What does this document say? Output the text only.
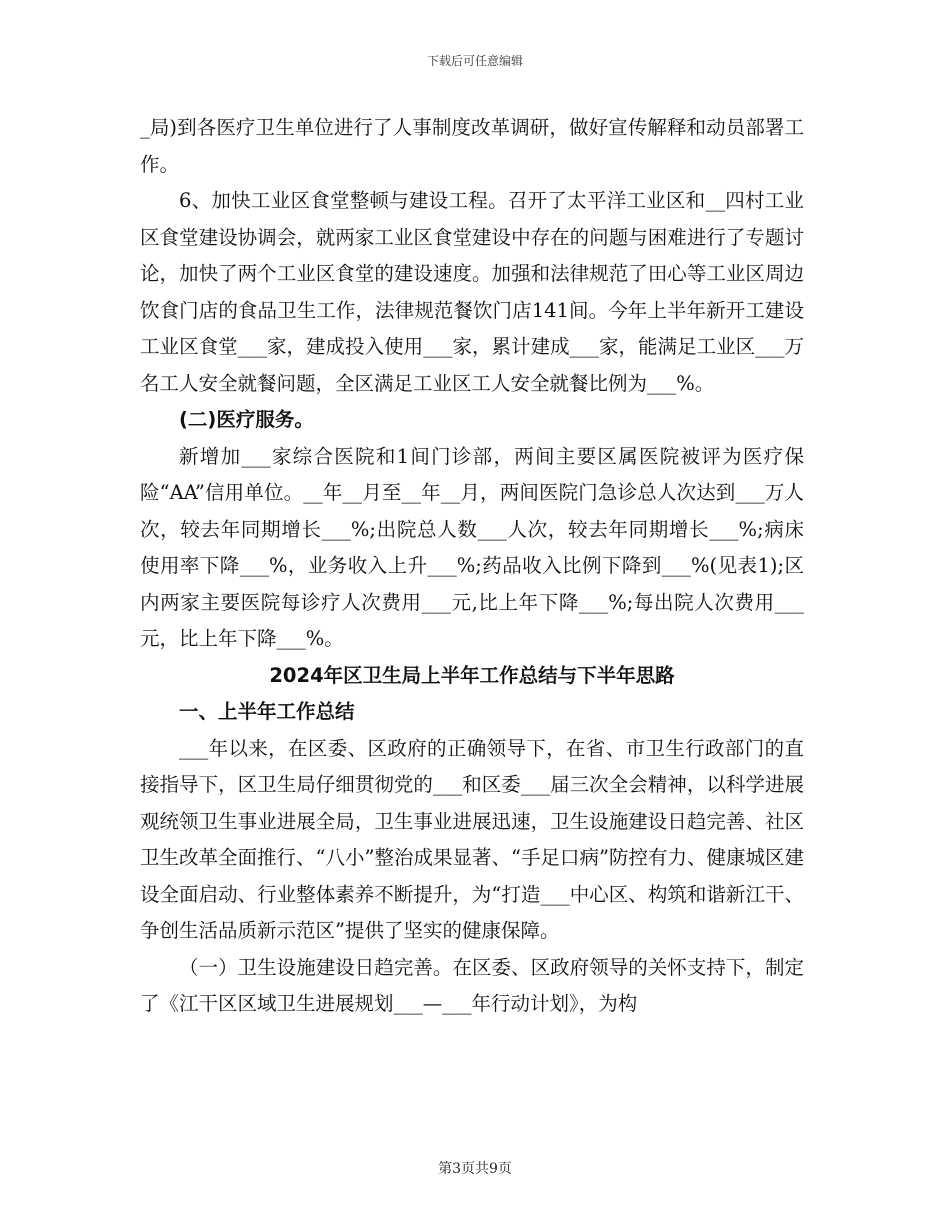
下载后可任意编辑

_局)到各医疗卫生单位进行了人事制度改革调研，做好宣传解释和动员部署工作。

6、加快工业区食堂整顿与建设工程。召开了太平洋工业区和__四村工业区食堂建设协调会，就两家工业区食堂建设中存在的问题与困难进行了专题讨论，加快了两个工业区食堂的建设速度。加强和法律规范了田心等工业区周边饮食门店的食品卫生工作，法律规范餐饮门店141间。今年上半年新开工建设工业区食堂___家，建成投入使用___家，累计建成___家，能满足工业区___万名工人安全就餐问题，全区满足工业区工人安全就餐比例为___%。

(二)医疗服务。

新增加___家综合医院和1间门诊部，两间主要区属医院被评为医疗保险“AA”信用单位。__年__月至__年__月，两间医院门急诊总人次达到___万人次，较去年同期增长___%;出院总人数___人次，较去年同期增长___%;病床使用率下降___%，业务收入上升___%;药品收入比例下降到___%(见表1);区内两家主要医院每诊疗人次费用___元,比上年下降___%;每出院人次费用___元，比上年下降___%。

2024年区卫生局上半年工作总结与下半年思路

一、上半年工作总结

___年以来，在区委、区政府的正确领导下，在省、市卫生行政部门的直接指导下，区卫生局仔细贯彻党的___和区委___届三次全会精神，以科学进展观统领卫生事业进展全局，卫生事业进展迅速，卫生设施建设日趋完善、社区卫生改革全面推行、“八小”整治成果显著、“手足口病”防控有力、健康城区建设全面启动、行业整体素养不断提升，为“打造___中心区、构筑和谐新江干、争创生活品质新示范区”提供了坚实的健康保障。

（一）卫生设施建设日趋完善。在区委、区政府领导的关怀支持下，制定了《江干区区域卫生进展规划___—___年行动计划》，为构

第3页共9页
